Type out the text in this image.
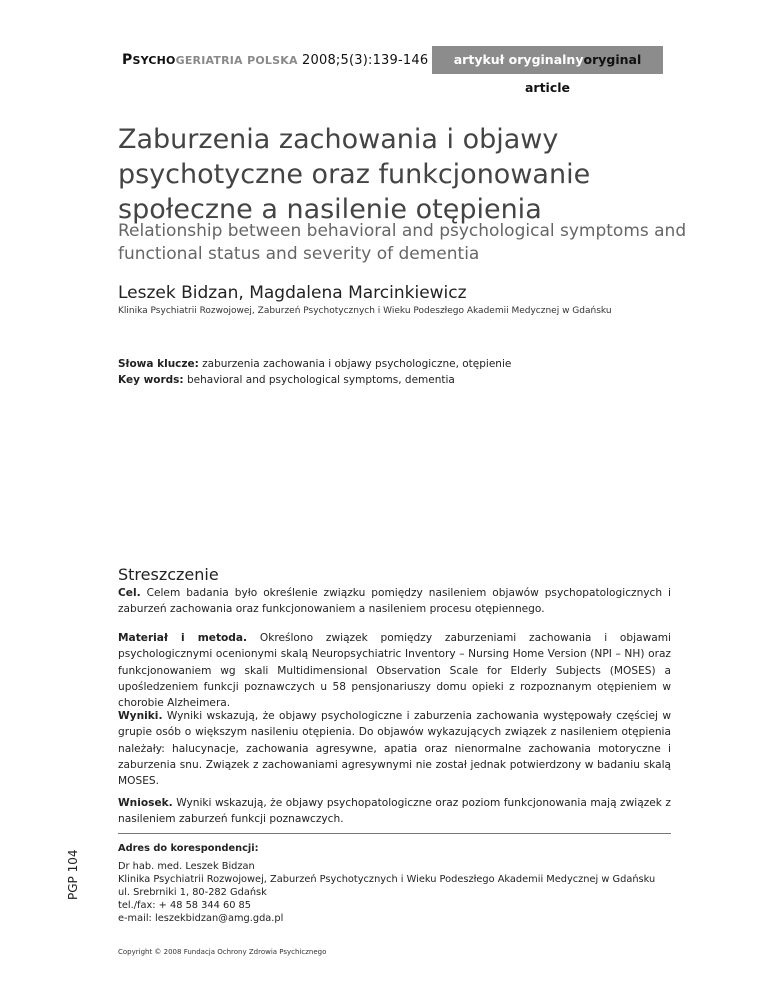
PSYCHOGERIATRIA POLSKA 2008;5(3):139-146	artykuł oryginalnyoryginal article
Zaburzenia zachowania i objawy psychotyczne oraz funkcjonowanie społeczne a nasilenie otępienia
Relationship between behavioral and psychological symptoms and functional status and severity of dementia
Leszek Bidzan, Magdalena Marcinkiewicz
Klinika Psychiatrii Rozwojowej, Zaburzeń Psychotycznych i Wieku Podeszłego Akademii Medycznej w Gdańsku
Słowa klucze: zaburzenia zachowania i objawy psychologiczne, otępienie
Key words: behavioral and psychological symptoms, dementia
Streszczenie

Cel. Celem badania było określenie związku pomiędzy nasileniem objawów psychopatologicznych i zaburzeń zachowania oraz funkcjonowaniem a nasileniem procesu otępiennego.

Materiał i metoda. Określono związek pomiędzy zaburzeniami zachowania i objawami psychologicznymi ocenionymi skalą Neuropsychiatric Inventory – Nursing Home Version (NPI – NH) oraz funkcjonowaniem wg skali Multidimensional Observation Scale for Elderly Subjects (MOSES) a upośledzeniem funkcji poznawczych u 58 pensjonariuszy domu opieki z rozpoznanym otępieniem w chorobie Alzheimera.

Wyniki. Wyniki wskazują, że objawy psychologiczne i zaburzenia zachowania występowały częściej w grupie osób o większym nasileniu otępienia. Do objawów wykazujących związek z nasileniem otępienia należały: halucynacje, zachowania agresywne, apatia oraz nienormalne zachowania motoryczne i zaburzenia snu. Związek z zachowaniami agresywnymi nie został jednak potwierdzony w badaniu skalą MOSES.

Wniosek. Wyniki wskazują, że objawy psychopatologiczne oraz poziom funkcjonowania mają związek z nasileniem zaburzeń funkcji poznawczych.

Adres do korespondencji:
Dr hab. med. Leszek Bidzan
Klinika Psychiatrii Rozwojowej, Zaburzeń Psychotycznych i Wieku Podeszłego Akademii Medycznej w Gdańsku
ul. Srebrniki 1, 80-282 Gdańsk
tel./fax: + 48 58 344 60 85
e-mail: leszekbidzan@amg.gda.pl
PGP 104
Copyright © 2008 Fundacja Ochrony Zdrowia Psychicznego
